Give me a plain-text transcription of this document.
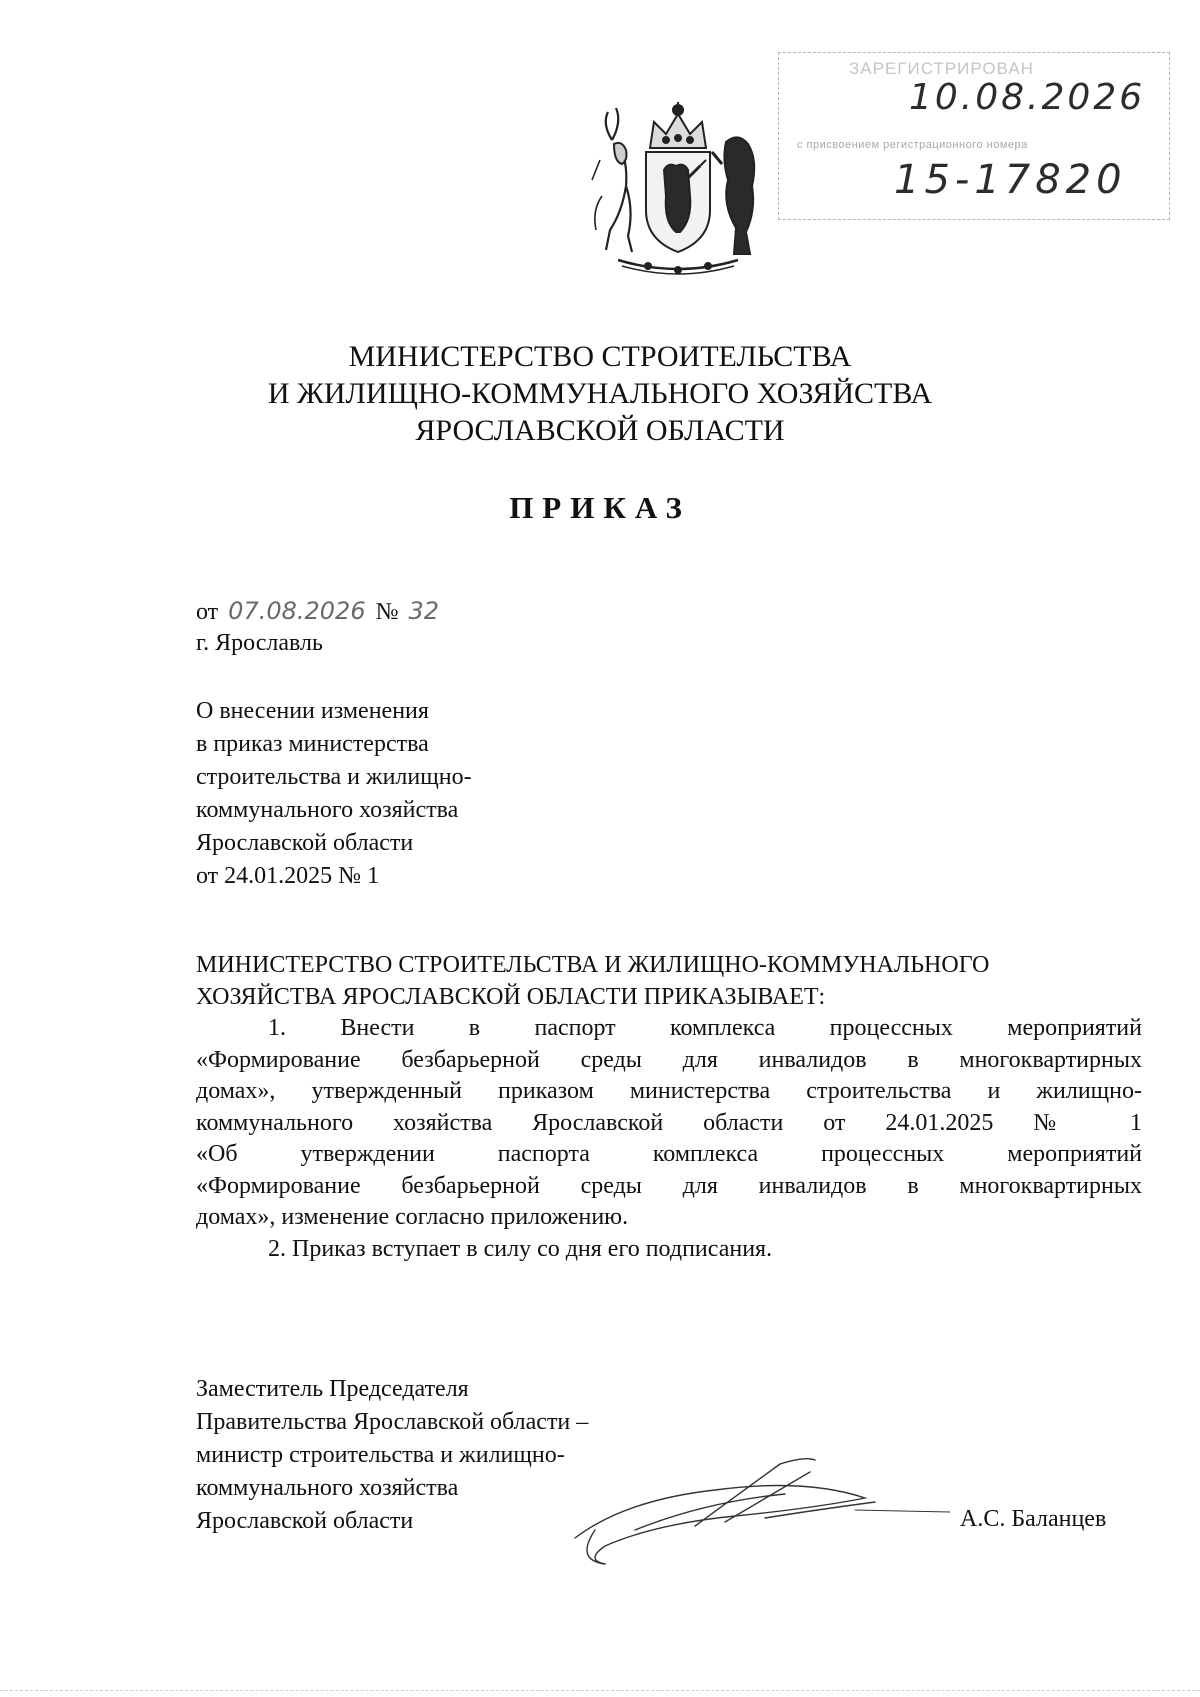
ЗАРЕГИСТРИРОВАН
10.08.2026
с присвоением регистрационного номера
15-17820
МИНИСТЕРСТВО СТРОИТЕЛЬСТВА
И ЖИЛИЩНО-КОММУНАЛЬНОГО ХОЗЯЙСТВА
ЯРОСЛАВСКОЙ ОБЛАСТИ
ПРИКАЗ
от 07.08.2026 № 32
г. Ярославль
О внесении изменения
в приказ министерства
строительства и жилищно-
коммунального хозяйства
Ярославской области
от 24.01.2025 № 1

МИНИСТЕРСТВО СТРОИТЕЛЬСТВА И ЖИЛИЩНО-КОММУНАЛЬНОГО

ХОЗЯЙСТВА ЯРОСЛАВСКОЙ ОБЛАСТИ ПРИКАЗЫВАЕТ:

1. Внести в паспорт комплекса процессных мероприятий

«Формирование безбарьерной среды для инвалидов в многоквартирных

домах», утвержденный приказом министерства строительства и жилищно-

коммунального хозяйства Ярославской области от 24.01.2025 № 1

«Об утверждении паспорта комплекса процессных мероприятий

«Формирование безбарьерной среды для инвалидов в многоквартирных

домах», изменение согласно приложению.

2. Приказ вступает в силу со дня его подписания.

Заместитель Председателя
Правительства Ярославской области –
министр строительства и жилищно-
коммунального хозяйства
Ярославской области	А.С. Баланцев
